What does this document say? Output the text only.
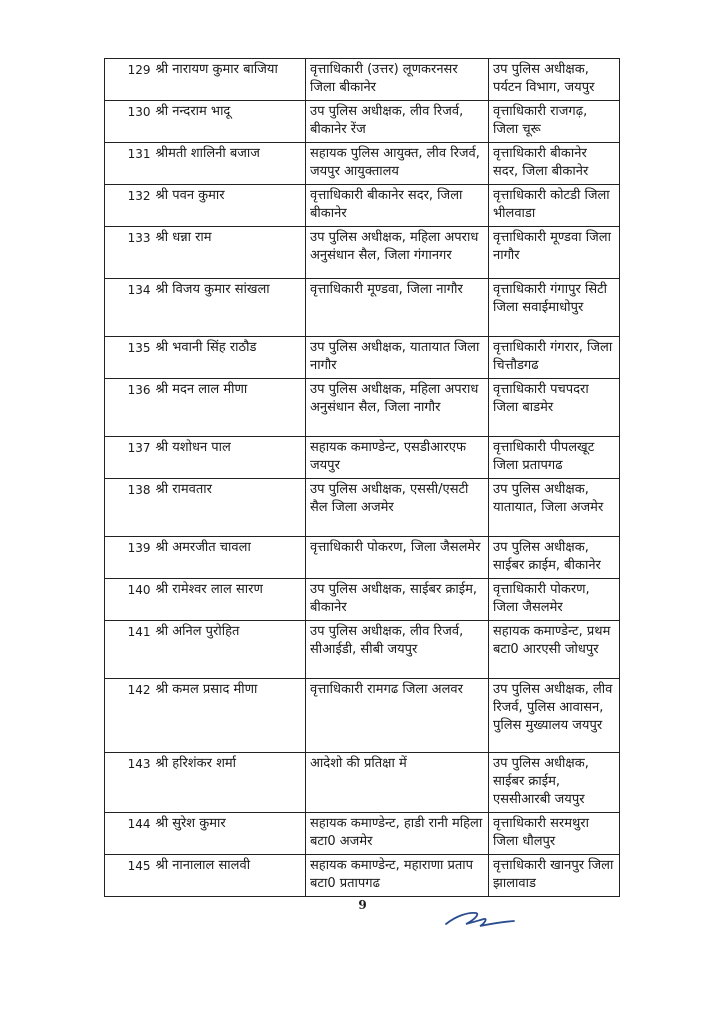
129	श्री नारायण कुमार बाजिया	वृत्ताधिकारी (उत्तर) लूणकरनसर जिला बीकानेर	उप पुलिस अधीक्षक, पर्यटन विभाग, जयपुर
130	श्री नन्दराम भादू	उप पुलिस अधीक्षक, लीव रिजर्व, बीकानेर रेंज	वृत्ताधिकारी राजगढ़, जिला चूरू
131	श्रीमती शालिनी बजाज	सहायक पुलिस आयुक्त, लीव रिजर्व, जयपुर आयुक्तालय	वृत्ताधिकारी बीकानेर सदर, जिला बीकानेर
132	श्री पवन कुमार	वृत्ताधिकारी बीकानेर सदर, जिला बीकानेर	वृत्ताधिकारी कोटडी जिला भीलवाडा
133	श्री धन्ना राम	उप पुलिस अधीक्षक, महिला अपराध अनुसंधान सैल, जिला गंगानगर	वृत्ताधिकारी मूण्डवा जिला नागौर
134	श्री विजय कुमार सांखला	वृत्ताधिकारी मूण्डवा, जिला नागौर	वृत्ताधिकारी गंगापुर सिटी जिला सवाईमाधोपुर
135	श्री भवानी सिंह राठौड	उप पुलिस अधीक्षक, यातायात जिला नागौर	वृत्ताधिकारी गंगरार, जिला चित्तौडगढ
136	श्री मदन लाल मीणा	उप पुलिस अधीक्षक, महिला अपराध अनुसंधान सैल, जिला नागौर	वृत्ताधिकारी पचपदरा जिला बाडमेर
137	श्री यशोधन पाल	सहायक कमाण्डेन्ट, एसडीआरएफ जयपुर	वृत्ताधिकारी पीपलखूट जिला प्रतापगढ
138	श्री रामवतार	उप पुलिस अधीक्षक, एससी/एसटी सैल जिला अजमेर	उप पुलिस अधीक्षक, यातायात, जिला अजमेर
139	श्री अमरजीत चावला	वृत्ताधिकारी पोकरण, जिला जैसलमेर	उप पुलिस अधीक्षक, साईबर क्राईम, बीकानेर
140	श्री रामेश्वर लाल सारण	उप पुलिस अधीक्षक, साईबर क्राईम, बीकानेर	वृत्ताधिकारी पोकरण, जिला जैसलमेर
141	श्री अनिल पुरोहित	उप पुलिस अधीक्षक, लीव रिजर्व, सीआईडी, सीबी जयपुर	सहायक कमाण्डेन्ट, प्रथम बटा0 आरएसी जोधपुर
142	श्री कमल प्रसाद मीणा	वृत्ताधिकारी रामगढ जिला अलवर	उप पुलिस अधीक्षक, लीव रिजर्व, पुलिस आवासन, पुलिस मुख्यालय जयपुर
143	श्री हरिशंकर शर्मा	आदेशो की प्रतिक्षा में	उप पुलिस अधीक्षक, साईबर क्राईम, एससीआरबी जयपुर
144	श्री सुरेश कुमार	सहायक कमाण्डेन्ट, हाडी रानी महिला बटा0 अजमेर	वृत्ताधिकारी सरमथुरा जिला धौलपुर
145	श्री नानालाल सालवी	सहायक कमाण्डेन्ट, महाराणा प्रताप बटा0 प्रतापगढ	वृत्ताधिकारी खानपुर जिला झालावाड
9
